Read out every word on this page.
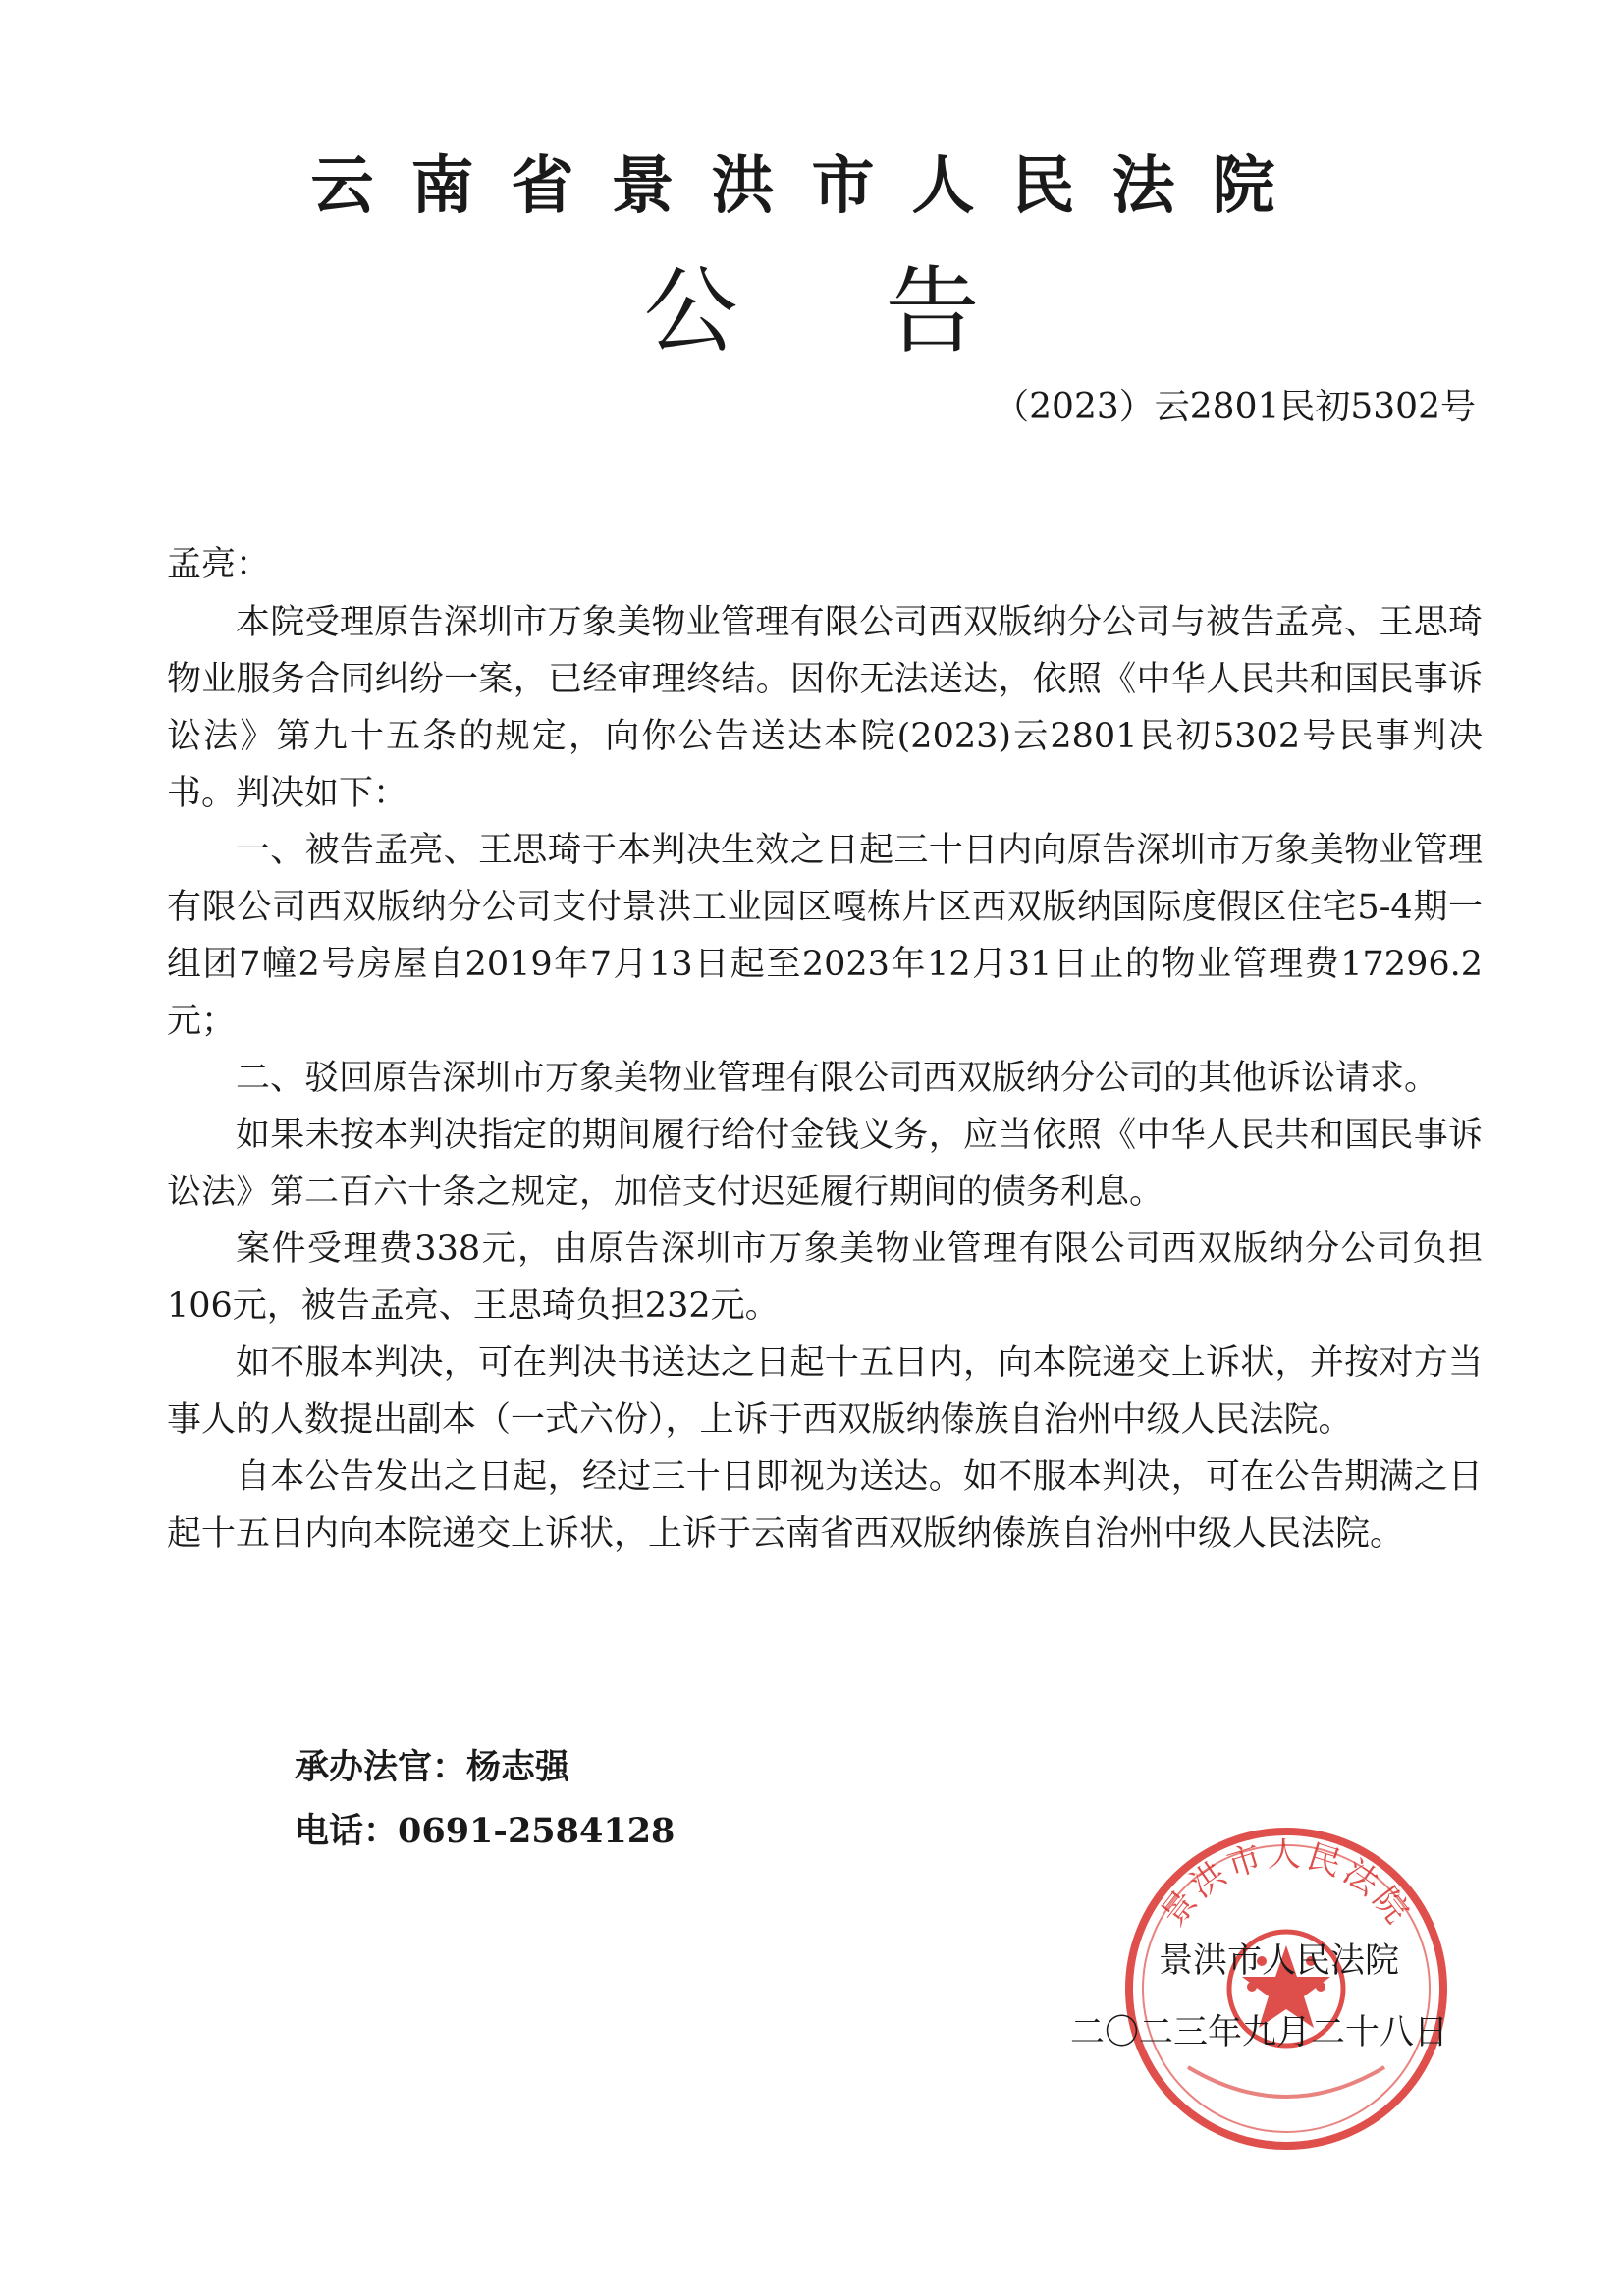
云南省景洪市人民法院
公告
（2023）云2801民初5302号
孟亮：

本院受理原告深圳市万象美物业管理有限公司西双版纳分公司与被告孟亮、王思琦物业服务合同纠纷一案，已经审理终结。因你无法送达，依照《中华人民共和国民事诉讼法》第九十五条的规定，向你公告送达本院(2023)云2801民初5302号民事判决书。判决如下：

一、被告孟亮、王思琦于本判决生效之日起三十日内向原告深圳市万象美物业管理有限公司西双版纳分公司支付景洪工业园区嘎栋片区西双版纳国际度假区住宅5-4期一组团7幢2号房屋自2019年7月13日起至2023年12月31日止的物业管理费17296.2元；

二、驳回原告深圳市万象美物业管理有限公司西双版纳分公司的其他诉讼请求。

如果未按本判决指定的期间履行给付金钱义务，应当依照《中华人民共和国民事诉讼法》第二百六十条之规定，加倍支付迟延履行期间的债务利息。

案件受理费338元，由原告深圳市万象美物业管理有限公司西双版纳分公司负担106元，被告孟亮、王思琦负担232元。

如不服本判决，可在判决书送达之日起十五日内，向本院递交上诉状，并按对方当事人的人数提出副本（一式六份），上诉于西双版纳傣族自治州中级人民法院。

自本公告发出之日起，经过三十日即视为送达。如不服本判决，可在公告期满之日起十五日内向本院递交上诉状，上诉于云南省西双版纳傣族自治州中级人民法院。

承办法官：杨志强
电话：0691-2584128
景洪市人民法院
景洪市人民法院
二〇二三年九月二十八日
